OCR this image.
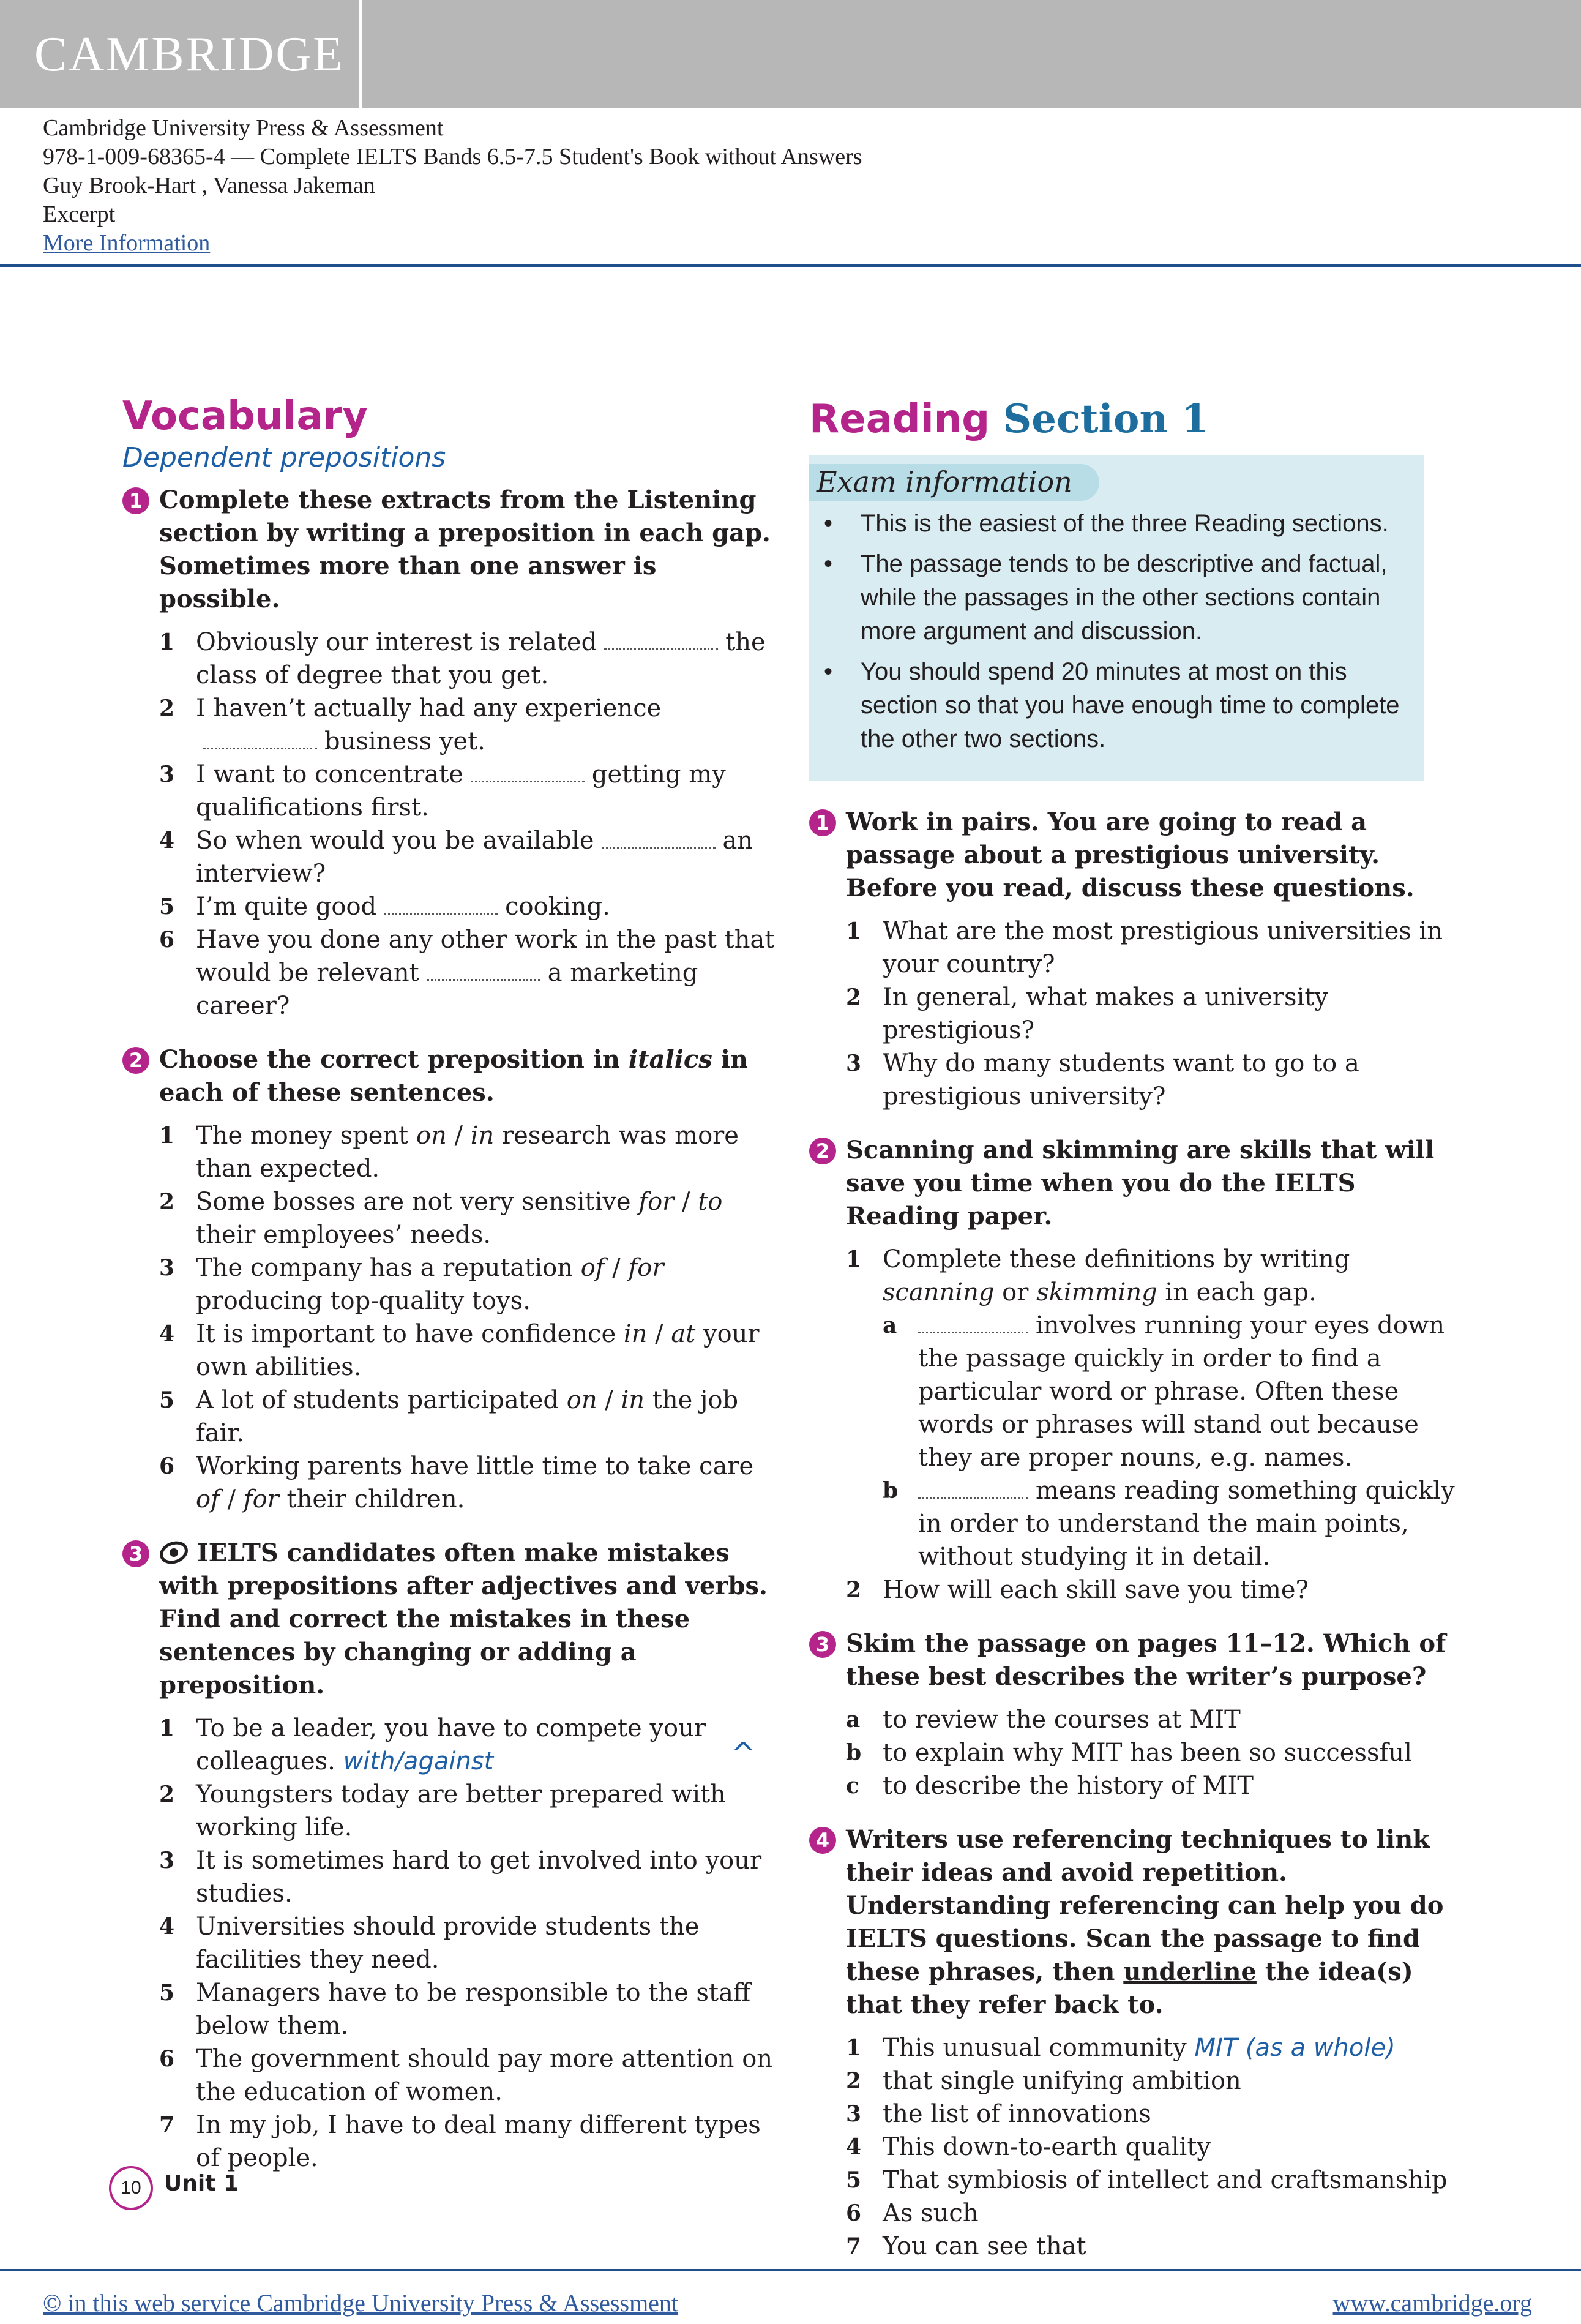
CAMBRIDGE
Cambridge University Press & Assessment
978-1-009-68365-4 — Complete IELTS Bands 6.5-7.5 Student's Book without Answers
Guy Brook-Hart , Vanessa Jakeman
Excerpt
More Information
Vocabulary
Dependent prepositions
1 Complete these extracts from the Listening section by writing a preposition in each gap. Sometimes more than one answer is possible.

1 Obviously our interest is related	the class of degree that you get.
2 I haven’t actually had any experiencebusiness yet.
3 I want to concentrate	getting my qualifications first.
4 So when would you be available	an interview?
5 I’m quite good	cooking.
6 Have you done any other work in the past that would be relevant	a marketing career?
2 Choose the correct preposition in italics in each of these sentences.

1 The money spent on / in research was more than expected.
2 Some bosses are not very sensitive for / to their employees’ needs.
3 The company has a reputation of / for producing top-quality toys.
4 It is important to have confidence in / at your own abilities.
5 A lot of students participated on / in the job fair.
6 Working parents have little time to take care of / for their children.
3	IELTS candidates often make mistakes with prepositions after adjectives and verbs. Find and correct the mistakes in these sentences by changing or adding a preposition.

1 To be a leader, you have to compete your colleagues. with/against
2 Youngsters today are better prepared with working life.
3 It is sometimes hard to get involved into your studies.
4 Universities should provide students the facilities they need.
5 Managers have to be responsible to the staff below them.
6 The government should pay more attention on the education of women.
7 In my job, I have to deal many different types of people.
^
Reading Section 1
Exam information
• This is the easiest of the three Reading sections.
• The passage tends to be descriptive and factual, while the passages in the other sections contain more argument and discussion.
• You should spend 20 minutes at most on this section so that you have enough time to complete the other two sections.
1 Work in pairs. You are going to read a passage about a prestigious university. Before you read, discuss these questions.

1 What are the most prestigious universities in your country?
2 In general, what makes a university prestigious?
3 Why do many students want to go to a prestigious university?
2 Scanning and skimming are skills that will save you time when you do the IELTS Reading paper.

1 Complete these definitions by writing scanning or skimming in each gap.
a	involves running your eyes down the passage quickly in order to find a particular word or phrase. Often these words or phrases will stand out because they are proper nouns, e.g. names.
b	means reading something quickly in order to understand the main points, without studying it in detail.
2 How will each skill save you time?
3 Skim the passage on pages 11–12. Which of these best describes the writer’s purpose?

a to review the courses at MIT
b to explain why MIT has been so successful
c to describe the history of MIT
4 Writers use referencing techniques to link their ideas and avoid repetition. Understanding referencing can help you do IELTS questions. Scan the passage to find these phrases, then underline the idea(s) that they refer back to.

1 This unusual community MIT (as a whole)
2 that single unifying ambition
3 the list of innovations
4 This down-to-earth quality
5 That symbiosis of intellect and craftsmanship
6 As such
7 You can see that
10	Unit 1
© in this web service Cambridge University Press & Assessment	www.cambridge.org
